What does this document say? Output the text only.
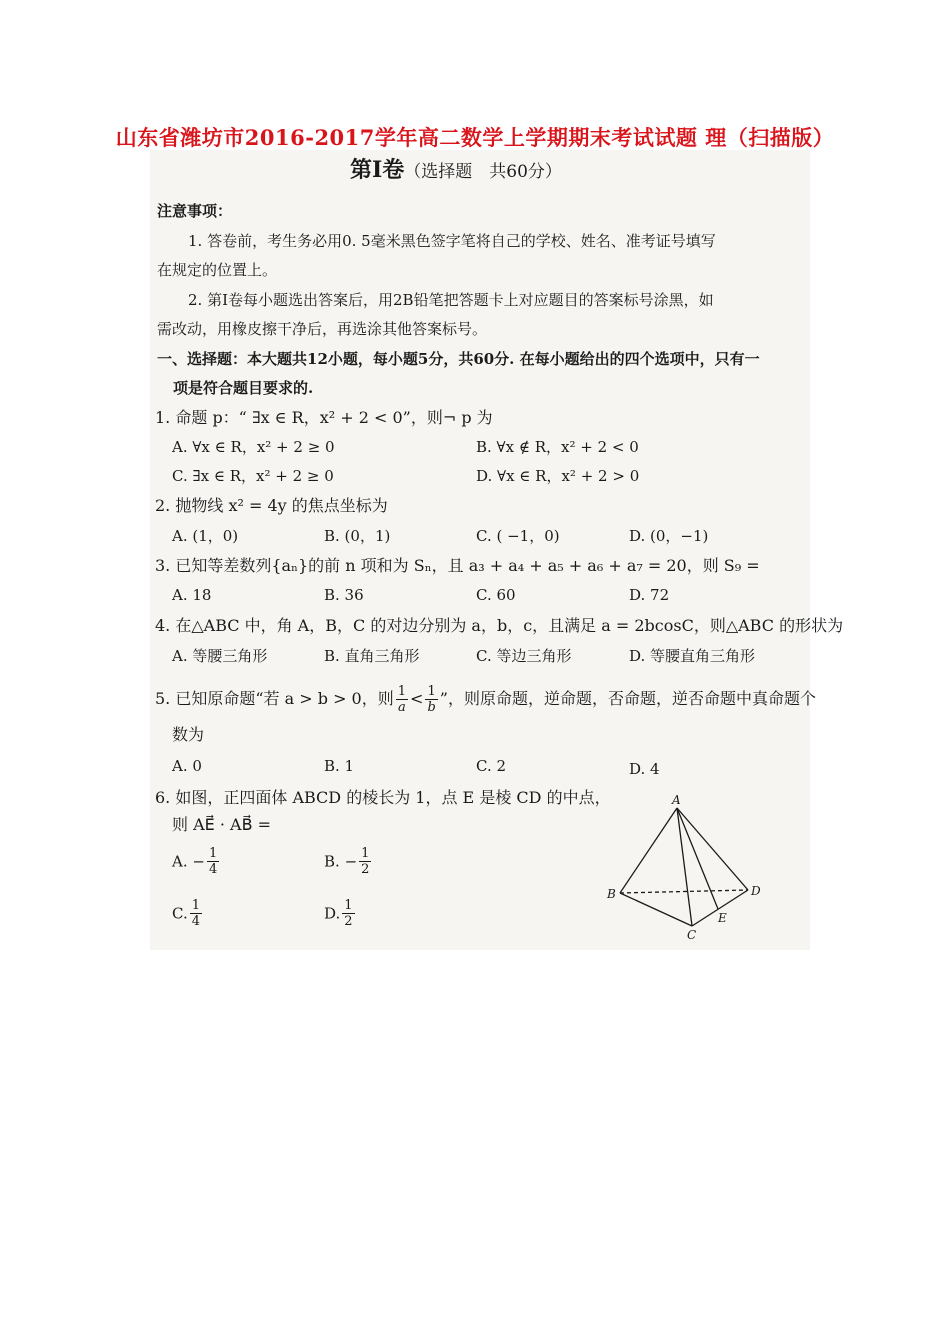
山东省潍坊市2016-2017学年高二数学上学期期末考试试题 理（扫描版）
第Ⅰ卷（选择题　共60分）
注意事项：
1. 答卷前，考生务必用0. 5毫米黑色签字笔将自己的学校、姓名、准考证号填写
在规定的位置上。
2. 第Ⅰ卷每小题选出答案后，用2B铅笔把答题卡上对应题目的答案标号涂黑，如
需改动，用橡皮擦干净后，再选涂其他答案标号。
一、选择题：本大题共12小题，每小题5分，共60分. 在每小题给出的四个选项中，只有一
项是符合题目要求的.
1. 命题 p：“ ∃x ∈ R，x² + 2 < 0”，则¬ p 为
A. ∀x ∈ R，x² + 2 ≥ 0	B. ∀x ∉ R，x² + 2 < 0
C. ∃x ∈ R，x² + 2 ≥ 0	D. ∀x ∈ R，x² + 2 > 0
2. 抛物线 x² = 4y 的焦点坐标为
A. (1，0)	B. (0，1)	C. ( −1，0)	D. (0，−1)
3. 已知等差数列{aₙ}的前 n 项和为 Sₙ，且 a₃ + a₄ + a₅ + a₆ + a₇ = 20，则 S₉ =
A. 18	B. 36	C. 60	D. 72
4. 在△ABC 中，角 A，B，C 的对边分别为 a，b，c，且满足 a = 2bcosC，则△ABC 的形状为
A. 等腰三角形	B. 直角三角形	C. 等边三角形	D. 等腰直角三角形
5. 已知原命题“若 a > b > 0，则 $\frac{1}{a} < \frac{1}{b}$ ”，则原命题，逆命题，否命题，逆否命题中真命题个
数为
A. 0	B. 1	C. 2	D. 4
6. 如图，正四面体 ABCD 的棱长为 1，点 E 是棱 CD 的中点，
则 AE⃗ · AB⃗ =
A. − $\frac{1}{4}$	B. − $\frac{1}{2}$
C. $\frac{1}{4}$	D. $\frac{1}{2}$
A
B
C
D
E
